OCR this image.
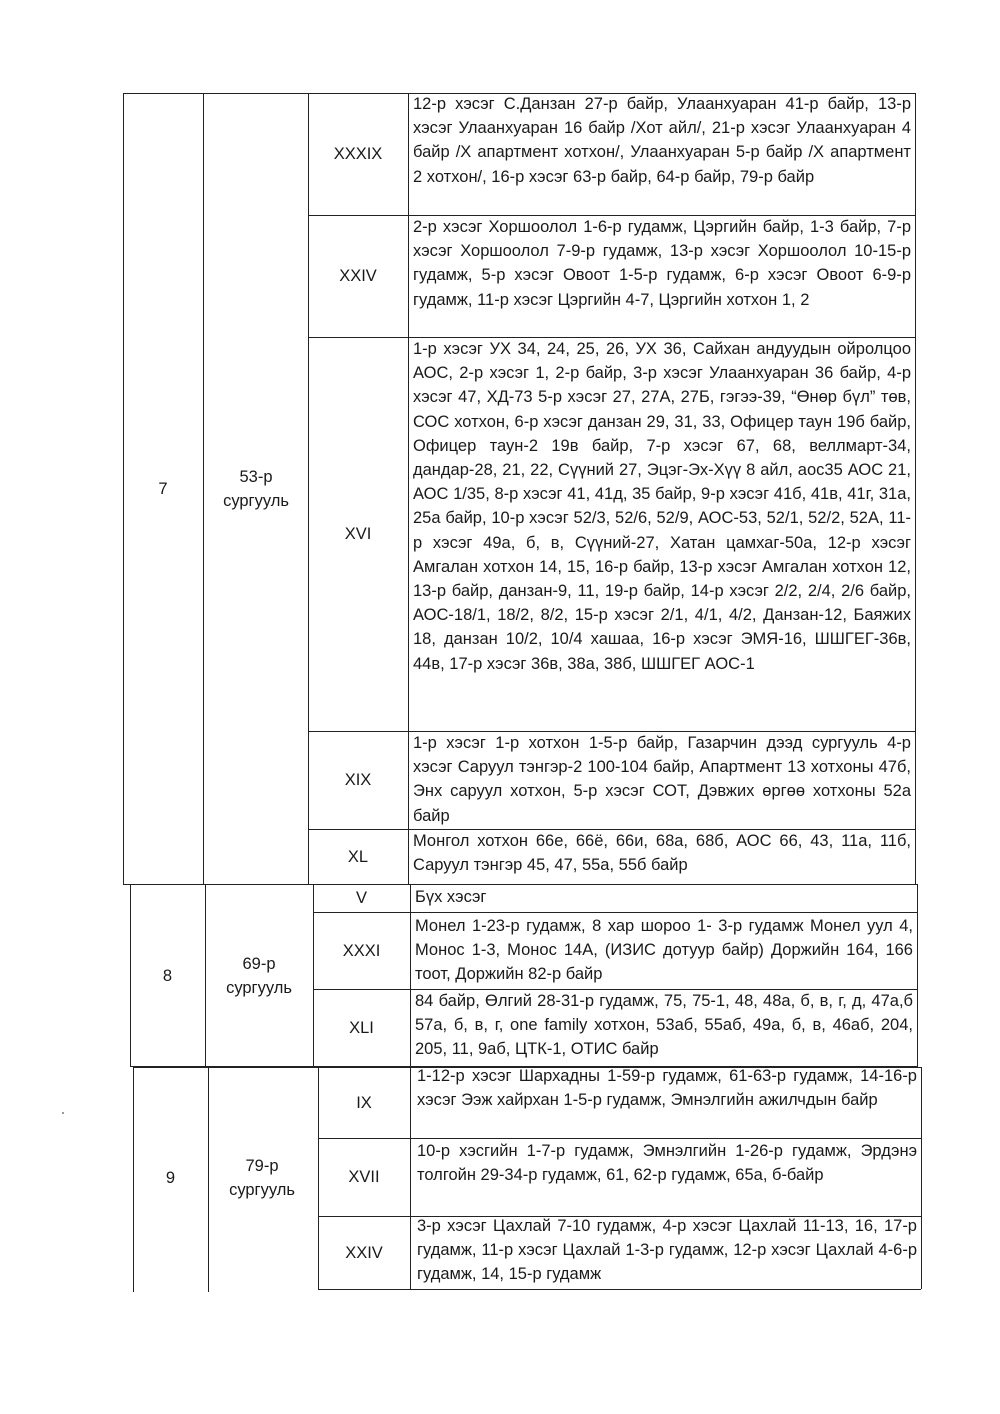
7
53-р сургууль
XXXIX
12-р хэсэг С.Данзан 27-р байр, Улаанхуаран 41-р байр, 13-р хэсэг Улаанхуаран 16 байр /Хот айл/, 21-р хэсэг Улаанхуаран 4 байр /Х апартмент хотхон/, Улаанхуаран 5-р байр /Х апартмент 2 хотхон/, 16-р хэсэг 63-р байр, 64-р байр, 79-р байр
XXIV
2-р хэсэг Хоршоолол 1-6-р гудамж, Цэргийн байр, 1-3 байр, 7-р хэсэг Хоршоолол 7-9-р гудамж, 13-р хэсэг Хоршоолол 10-15-р гудамж, 5-р хэсэг Овоот 1-5-р гудамж, 6-р хэсэг Овоот 6-9-р гудамж, 11-р хэсэг Цэргийн 4-7, Цэргийн хотхон 1, 2
XVI
1-р хэсэг УХ 34, 24, 25, 26, УХ 36, Сайхан андуудын ойролцоо АОС, 2-р хэсэг 1, 2-р байр, 3-р хэсэг Улаанхуаран 36 байр, 4-р хэсэг 47, ХД-73 5-р хэсэг 27, 27А, 27Б, гэгээ-39, “Өнөр бүл” төв, СОС хотхон, 6-р хэсэг данзан 29, 31, 33, Офицер таун 19б байр, Офицер таун-2 19в байр, 7-р хэсэг 67, 68, веллмарт-34, дандар-28, 21, 22, Сүүний 27, Эцэг-Эх-Хүү 8 айл, аос35 АОС 21, АОС 1/35, 8-р хэсэг 41, 41д, 35 байр, 9-р хэсэг 41б, 41в, 41г, 31а, 25а байр, 10-р хэсэг 52/3, 52/6, 52/9, АОС-53, 52/1, 52/2, 52А, 11-р хэсэг 49а, б, в, Сүүний-27, Хатан цамхаг-50а, 12-р хэсэг Амгалан хотхон 14, 15, 16-р байр, 13-р хэсэг Амгалан хотхон 12, 13-р байр, данзан-9, 11, 19-р байр, 14-р хэсэг 2/2, 2/4, 2/6 байр, АОС-18/1, 18/2, 8/2, 15-р хэсэг 2/1, 4/1, 4/2, Данзан-12, Баяжих 18, данзан 10/2, 10/4 хашаа, 16-р хэсэг ЭМЯ-16, ШШГЕГ-36в, 44в, 17-р хэсэг 36в, 38а, 38б, ШШГЕГ АОС-1
XIX
1-р хэсэг 1-р хотхон 1-5-р байр, Газарчин дээд сургууль 4-р хэсэг Саруул тэнгэр-2 100-104 байр, Апартмент 13 хотхоны 47б, Энх саруул хотхон, 5-р хэсэг СОТ, Дэвжих өргөө хотхоны 52а байр
XL
Монгол хотхон 66е, 66ё, 66и, 68а, 68б, АОС 66, 43, 11а, 11б, Саруул тэнгэр 45, 47, 55а, 55б байр
8
69-р сургууль
V	Бүх хэсэг
XXXI
Монел 1-23-р гудамж, 8 хар шороо 1- 3-р гудамж Монел уул 4, Монос 1-3, Монос 14А, (ИЗИС дотуур байр) Доржийн 164, 166 тоот, Доржийн 82-р байр
XLI
84 байр, Өлгий 28-31-р гудамж, 75, 75-1, 48, 48а, б, в, г, д, 47а,б 57а, б, в, г, one family хотхон, 53аб, 55аб, 49а, б, в, 46аб, 204, 205, 11, 9аб, ЦТК-1, ОТИС байр
9
79-р сургууль
IX
1-12-р хэсэг Шархадны 1-59-р гудамж, 61-63-р гудамж, 14-16-р хэсэг Ээж хайрхан 1-5-р гудамж, Эмнэлгийн ажилчдын байр
XVII
10-р хэсгийн 1-7-р гудамж, Эмнэлгийн 1-26-р гудамж, Эрдэнэ толгойн 29-34-р гудамж, 61, 62-р гудамж, 65а, б-байр
XXIV
3-р хэсэг Цахлай 7-10 гудамж, 4-р хэсэг Цахлай 11-13, 16, 17-р гудамж, 11-р хэсэг Цахлай 1-3-р гудамж, 12-р хэсэг Цахлай 4-6-р гудамж, 14, 15-р гудамж
